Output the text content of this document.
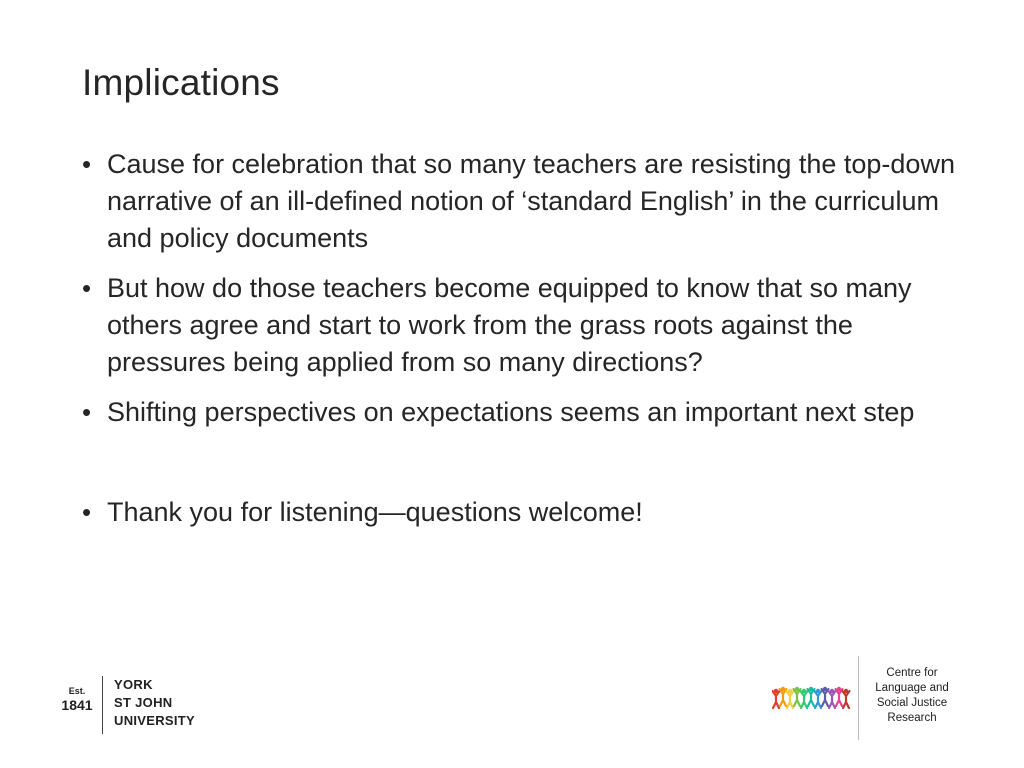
Implications
• Cause for celebration that so many teachers are resisting the top-down narrative of an ill-defined notion of ‘standard English’ in the curriculum and policy documents
• But how do those teachers become equipped to know that so many others agree and start to work from the grass roots against the pressures being applied from so many directions?
• Shifting perspectives on expectations seems an important next step
• Thank you for listening—questions welcome!
Est.
1841
YORK
ST JOHN
UNIVERSITY
Centre for
Language and
Social Justice
Research
